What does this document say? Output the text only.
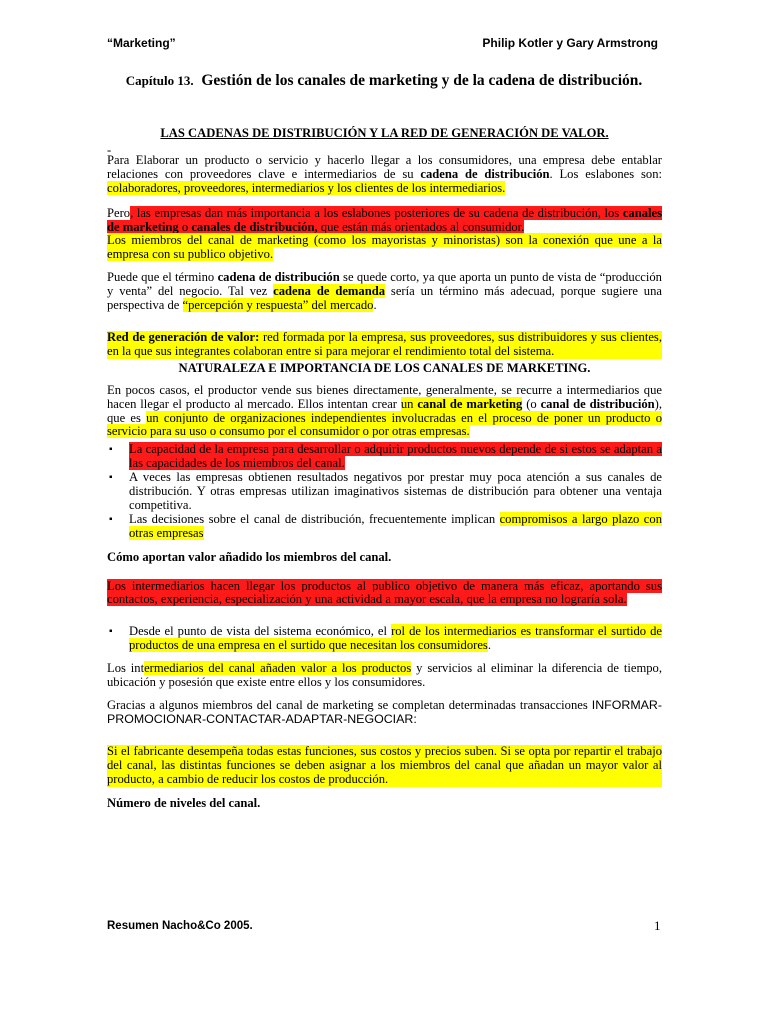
“Marketing”	Philip Kotler y Gary Armstrong
Capítulo 13. Gestión de los canales de marketing y de la cadena de distribución.

LAS CADENAS DE DISTRIBUCIÓN Y LA RED DE GENERACIÓN DE VALOR.

-

Para Elaborar un producto o servicio y hacerlo llegar a los consumidores, una empresa debe entablar relaciones con proveedores clave e intermediarios de su cadena de distribución. Los eslabones son: colaboradores, proveedores, intermediarios y los clientes de los intermediarios.

Pero, las empresas dan más importancia a los eslabones posteriores de su cadena de distribución, los canales de marketing o canales de distribución, que están más orientados al consumidor.
Los miembros del canal de marketing (como los mayoristas y minoristas) son la conexión que une a la empresa con su publico objetivo.

Puede que el término cadena de distribución se quede corto, ya que aporta un punto de vista de “producción y venta” del negocio. Tal vez cadena de demanda sería un término más adecuad, porque sugiere una perspectiva de “percepción y respuesta” del mercado.

Red de generación de valor: red formada por la empresa, sus proveedores, sus distribuidores y sus clientes, en la que sus integrantes colaboran entre si para mejorar el rendimiento total del sistema.

NATURALEZA E IMPORTANCIA DE LOS CANALES DE MARKETING.

En pocos casos, el productor vende sus bienes directamente, generalmente, se recurre a intermediarios que hacen llegar el producto al mercado. Ellos intentan crear un canal de marketing (o canal de distribución), que es un conjunto de organizaciones independientes involucradas en el proceso de poner un producto o servicio para su uso o consumo por el consumidor o por otras empresas.

▪ La capacidad de la empresa para desarrollar o adquirir productos nuevos depende de si estos se adaptan a las capacidades de los miembros del canal.
▪ A veces las empresas obtienen resultados negativos por prestar muy poca atención a sus canales de distribución. Y otras empresas utilizan imaginativos sistemas de distribución para obtener una ventaja competitiva.
▪ Las decisiones sobre el canal de distribución, frecuentemente implican compromisos a largo plazo con otras empresas

Cómo aportan valor añadido los miembros del canal.

Los intermediarios hacen llegar los productos al publico objetivo de manera más eficaz, aportando sus contactos, experiencia, especialización y una actividad a mayor escala, que la empresa no lograría sola.

▪ Desde el punto de vista del sistema económico, el rol de los intermediarios es transformar el surtido de productos de una empresa en el surtido que necesitan los consumidores.

Los intermediarios del canal añaden valor a los productos y servicios al eliminar la diferencia de tiempo, ubicación y posesión que existe entre ellos y los consumidores.

Gracias a algunos miembros del canal de marketing se completan determinadas transacciones INFORMAR-PROMOCIONAR-CONTACTAR-ADAPTAR-NEGOCIAR:

Si el fabricante desempeña todas estas funciones, sus costos y precios suben. Si se opta por repartir el trabajo del canal, las distintas funciones se deben asignar a los miembros del canal que añadan un mayor valor al producto, a cambio de reducir los costos de producción.

Número de niveles del canal.

Resumen Nacho&Co 2005.	1
